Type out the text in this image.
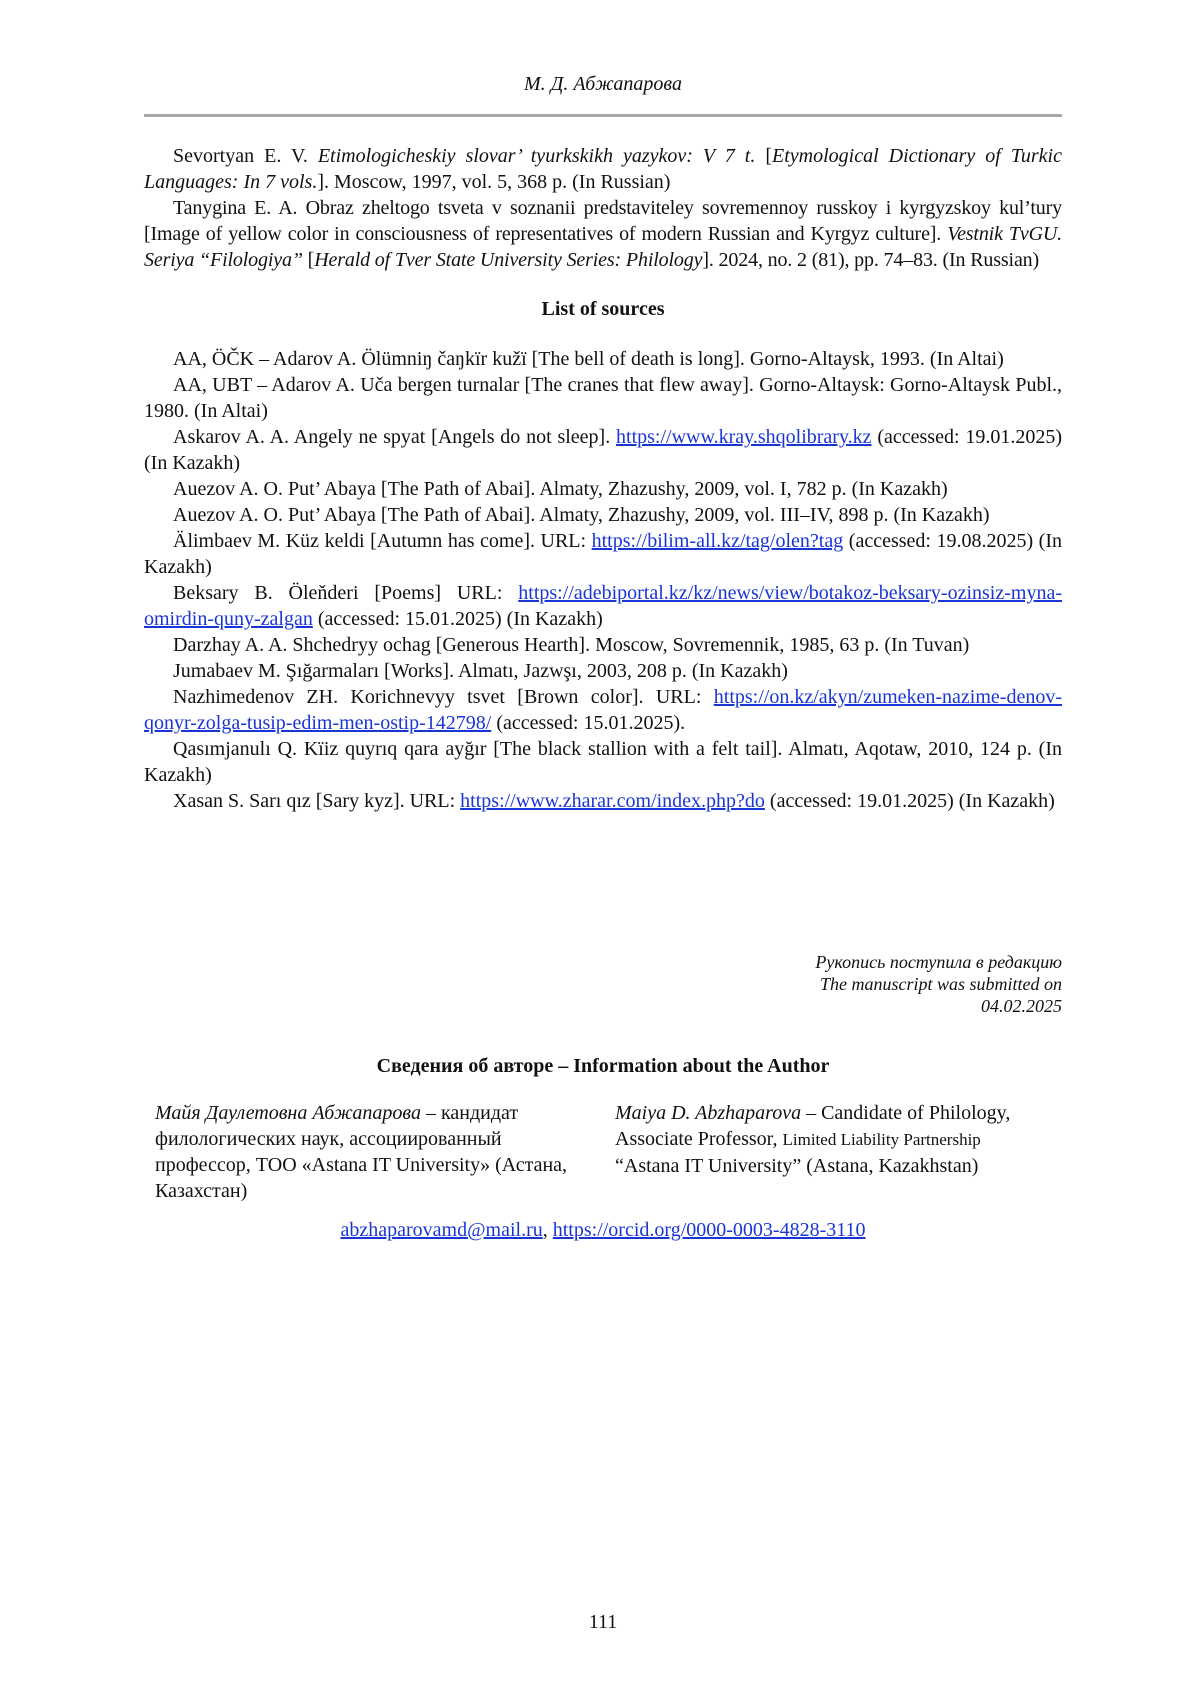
М. Д. Абжапарова

Sevortyan E. V. Etimologicheskiy slovar’ tyurkskikh yazykov: V 7 t. [Etymological Dictionary of Turkic Languages: In 7 vols.]. Moscow, 1997, vol. 5, 368 p. (In Russian)

Tanygina E. A. Obraz zheltogo tsveta v soznanii predstaviteley sovremennoy russkoy i kyrgyzskoy kul’tury [Image of yellow color in consciousness of representatives of modern Russian and Kyrgyz culture]. Vestnik TvGU. Seriya “Filologiya” [Herald of Tver State University Series: Philology]. 2024, no. 2 (81), pp. 74–83. (In Russian)

List of sources

AA, ÖČK – Adarov A. Ölümniŋ čaŋkïr kužï [The bell of death is long]. Gorno-Altaysk, 1993. (In Altai)

AA, UBT – Adarov A. Uča bergen turnalar [The cranes that flew away]. Gorno-Altaysk: Gorno-Altaysk Publ., 1980. (In Altai)

Askarov A. A. Angely ne spyat [Angels do not sleep]. https://www.kray.shqolibrary.kz (accessed: 19.01.2025) (In Kazakh)

Auezov A. O. Put’ Abaya [The Path of Abai]. Almaty, Zhazushy, 2009, vol. I, 782 p. (In Kazakh)

Auezov A. O. Put’ Abaya [The Path of Abai]. Almaty, Zhazushy, 2009, vol. III–IV, 898 p. (In Kazakh)

Älimbaev M. Küz keldi [Autumn has come]. URL: https://bilim-all.kz/tag/olen?tag (accessed: 19.08.2025) (In Kazakh)

Beksary B. Öleňderі [Poems] URL: https://adebiportal.kz/kz/news/view/botakoz-beksary-ozinsiz-myna-omirdin-quny-zalgan (accessed: 15.01.2025) (In Kazakh)

Darzhay A. A. Shchedryy ochag [Generous Hearth]. Moscow, Sovremennik, 1985, 63 p. (In Tuvan)

Jumabaev M. Şığarmaları [Works]. Almatı, Jazwşı, 2003, 208 p. (In Kazakh)

Nazhimedenov ZH. Korichnevyy tsvet [Brown color]. URL: https://on.kz/akyn/zumeken-nazime-denov-qonyr-zolga-tusip-edim-men-ostip-142798/ (accessed: 15.01.2025).

Qasımjanulı Q. Kïiz quyrıq qara ayğır [The black stallion with a felt tail]. Almatı, Aqotaw, 2010, 124 p. (In Kazakh)

Xasan S. Sarı qız [Sary kyz]. URL: https://www.zharar.com/index.php?do (accessed: 19.01.2025) (In Kazakh)

Рукопись поступила в редакцию
The manuscript was submitted on
04.02.2025
Сведения об авторе – Information about the Author
Майя Даулетовна Абжапарова – кандидат филологических наук, ассоциированный профессор, ТОО «Astana IT University» (Астана, Казахстан)
Maiya D. Abzhaparova – Candidate of Philology, Associate Professor, Limited Liability Partnership “Astana IT University” (Astana, Kazakhstan)
abzhaparovamd@mail.ru, https://orcid.org/0000-0003-4828-3110
111
